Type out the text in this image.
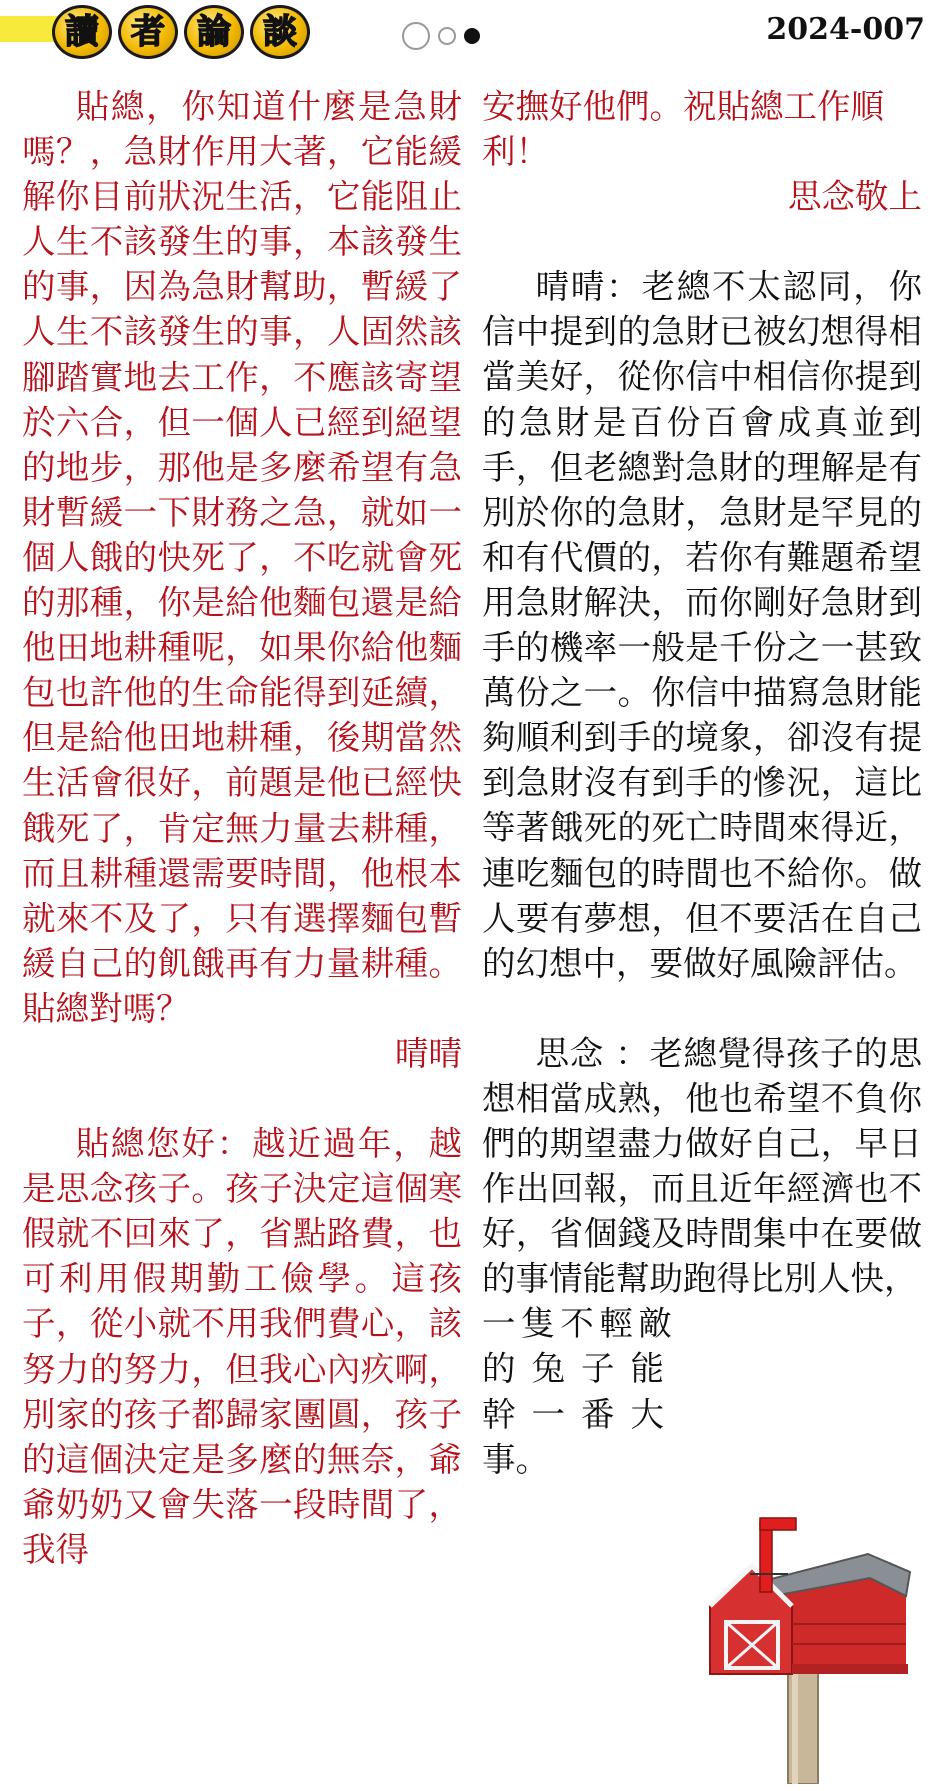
讀 者 論 談	2024-007

貼總，你知道什麼是急財嗎？，急財作用大著，它能緩解你目前狀況生活，它能阻止人生不該發生的事，本該發生的事，因為急財幫助，暫緩了人生不該發生的事，人固然該腳踏實地去工作，不應該寄望於六合，但一個人已經到絕望的地步，那他是多麼希望有急財暫緩一下財務之急，就如一個人餓的快死了，不吃就會死的那種，你是給他麵包還是給他田地耕種呢，如果你給他麵包也許他的生命能得到延續，但是給他田地耕種，後期當然生活會很好，前題是他已經快餓死了，肯定無力量去耕種，而且耕種還需要時間，他根本就來不及了，只有選擇麵包暫緩自己的飢餓再有力量耕種。貼總對嗎？

晴晴

貼總您好：越近過年，越是思念孩子。孩子決定這個寒假就不回來了，省點路費，也可利用假期勤工儉學。這孩子，從小就不用我們費心，該努力的努力，但我心內疚啊，別家的孩子都歸家團圓，孩子的這個決定是多麼的無奈，爺爺奶奶又會失落一段時間了，我得

安撫好他們。祝貼總工作順利！

思念敬上

晴晴：老總不太認同，你信中提到的急財已被幻想得相當美好，從你信中相信你提到的急財是百份百會成真並到手，但老總對急財的理解是有別於你的急財，急財是罕見的和有代價的，若你有難題希望用急財解決，而你剛好急財到手的機率一般是千份之一甚致萬份之一。你信中描寫急財能夠順利到手的境象，卻沒有提到急財沒有到手的慘況，這比等著餓死的死亡時間來得近，連吃麵包的時間也不給你。做人要有夢想，但不要活在自己的幻想中，要做好風險評估。

思念 ：老總覺得孩子的思想相當成熟，他也希望不負你們的期望盡力做好自己，早日作出回報，而且近年經濟也不好，省個錢及時間集中在要做的事情能幫助跑得比別人快，

一隻不輕敵

的兔子能

幹一番大

事。
